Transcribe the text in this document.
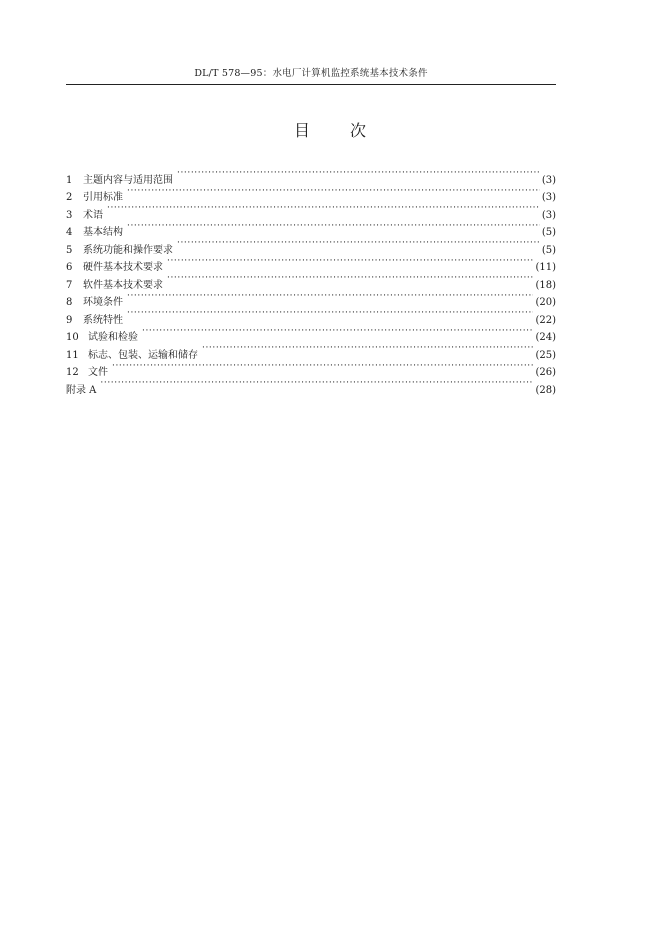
DL/T 578—95：水电厂计算机监控系统基本技术条件
目 次
1	主题内容与适用范围 ·····	(3)
2	引用标准 ·····	(3)
3	术语 ·····	(3)
4	基本结构 ·····	(5)
5	系统功能和操作要求 ·····	(5)
6	硬件基本技术要求 ·····	(11)
7	软件基本技术要求 ·····	(18)
8	环境条件 ·····	(20)
9	系统特性 ·····	(22)
10 试验和检验 ·····	(24)
11 标志、包装、运输和储存 ·····	(25)
12 文件 ·····	(26)
附录 A ·····	(28)
